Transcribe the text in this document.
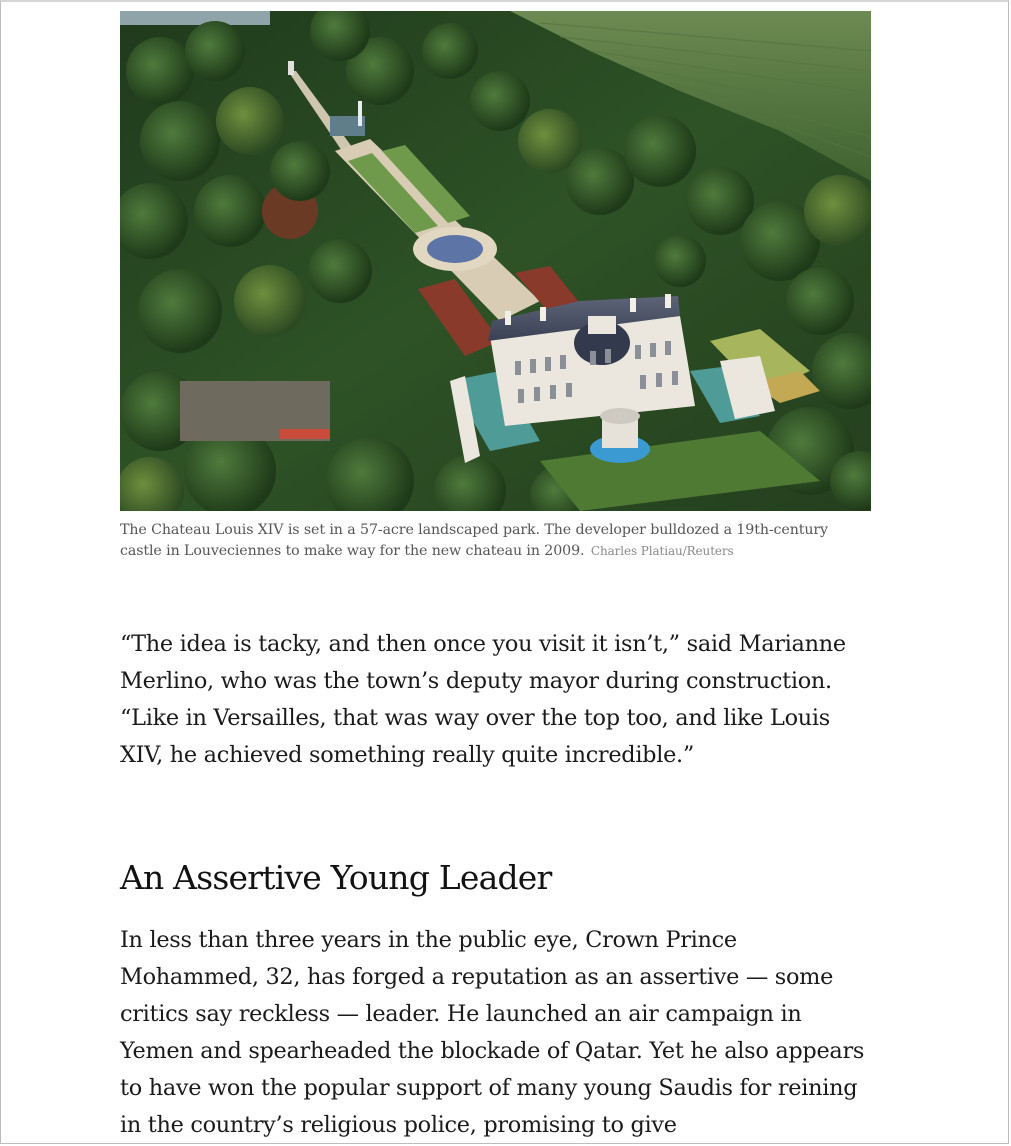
The Chateau Louis XIV is set in a 57-acre landscaped park. The developer bulldozed a 19th-century castle in Louveciennes to make way for the new chateau in 2009. Charles Platiau/Reuters

“The idea is tacky, and then once you visit it isn’t,” said Marianne Merlino, who was the town’s deputy mayor during construction. “Like in Versailles, that was way over the top too, and like Louis XIV, he achieved something really quite incredible.”

An Assertive Young Leader

In less than three years in the public eye, Crown Prince Mohammed, 32, has forged a reputation as an assertive — some critics say reckless — leader. He launched an air campaign in Yemen and spearheaded the blockade of Qatar. Yet he also appears to have won the popular support of many young Saudis for reining in the country’s religious police, promising to give
